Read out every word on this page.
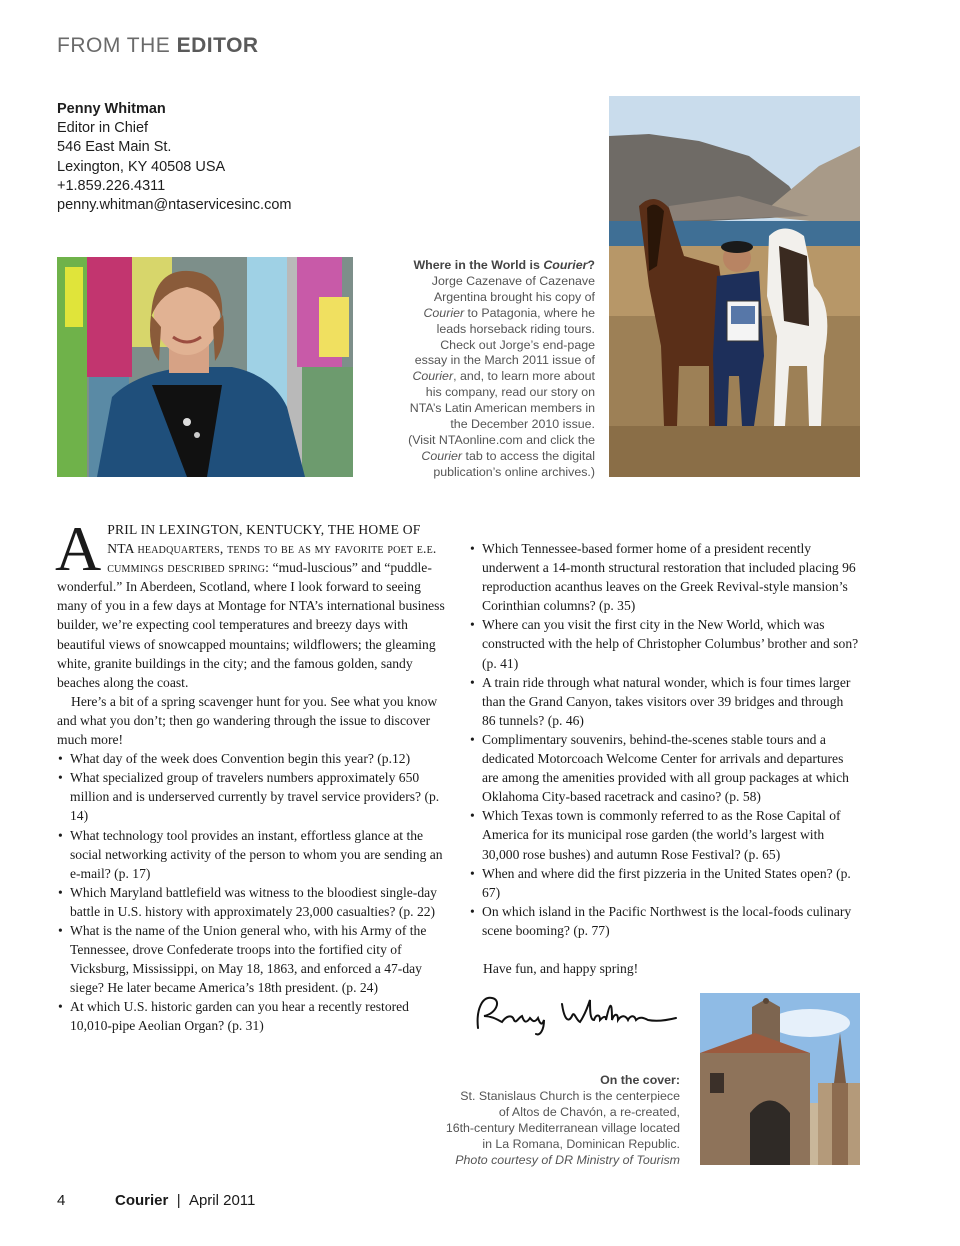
FROM THE EDITOR
Penny Whitman
Editor in Chief
546 East Main St.
Lexington, KY 40508 USA
+1.859.226.4311
penny.whitman@ntaservicesinc.com
Where in the World is Courier?
Jorge Cazenave of Cazenave
Argentina brought his copy of
Courier to Patagonia, where he
leads horseback riding tours.
Check out Jorge’s end-page
essay in the March 2011 issue of
Courier, and, to learn more about
his company, read our story on
NTA’s Latin American members in
the December 2010 issue.
(Visit NTAonline.com and click the
Courier tab to access the digital
publication’s online archives.)

APRIL IN LEXINGTON, KENTUCKY, THE HOME OF NTA headquarters, tends to be as my favorite poet e.e. cummings described spring: “mud-luscious” and “puddle-wonderful.” In Aberdeen, Scotland, where I look forward to seeing many of you in a few days at Montage for NTA’s international business builder, we’re expecting cool temperatures and breezy days with beautiful views of snowcapped mountains; wildflowers; the gleaming white, granite buildings in the city; and the famous golden, sandy beaches along the coast.

Here’s a bit of a spring scavenger hunt for you. See what you know and what you don’t; then go wandering through the issue to discover much more!

• What day of the week does Convention begin this year? (p.12)
• What specialized group of travelers numbers approximately 650 million and is underserved currently by travel service providers? (p. 14)
• What technology tool provides an instant, effortless glance at the social networking activity of the person to whom you are sending an e-mail? (p. 17)
• Which Maryland battlefield was witness to the bloodiest single-day battle in U.S. history with approximately 23,000 casualties? (p. 22)
• What is the name of the Union general who, with his Army of the Tennessee, drove Confederate troops into the fortified city of Vicksburg, Mississippi, on May 18, 1863, and enforced a 47-day siege? He later became America’s 18th president. (p. 24)
• At which U.S. historic garden can you hear a recently restored 10,010-pipe Aeolian Organ? (p. 31)
• Which Tennessee-based former home of a president recently underwent a 14-month structural restoration that included placing 96 reproduction acanthus leaves on the Greek Revival-style mansion’s Corinthian columns? (p. 35)
• Where can you visit the first city in the New World, which was constructed with the help of Christopher Columbus’ brother and son? (p. 41)
• A train ride through what natural wonder, which is four times larger than the Grand Canyon, takes visitors over 39 bridges and through 86 tunnels? (p. 46)
• Complimentary souvenirs, behind-the-scenes stable tours and a dedicated Motorcoach Welcome Center for arrivals and departures are among the amenities provided with all group packages at which Oklahoma City-based racetrack and casino? (p. 58)
• Which Texas town is commonly referred to as the Rose Capital of America for its municipal rose garden (the world’s largest with 30,000 rose bushes) and autumn Rose Festival? (p. 65)
• When and where did the first pizzeria in the United States open? (p. 67)
• On which island in the Pacific Northwest is the local-foods culinary scene booming? (p. 77)

Have fun, and happy spring!

On the cover:
St. Stanislaus Church is the centerpiece
of Altos de Chavón, a re-created,
16th-century Mediterranean village located
in La Romana, Dominican Republic.
Photo courtesy of DR Ministry of Tourism
4	Courier | April 2011
